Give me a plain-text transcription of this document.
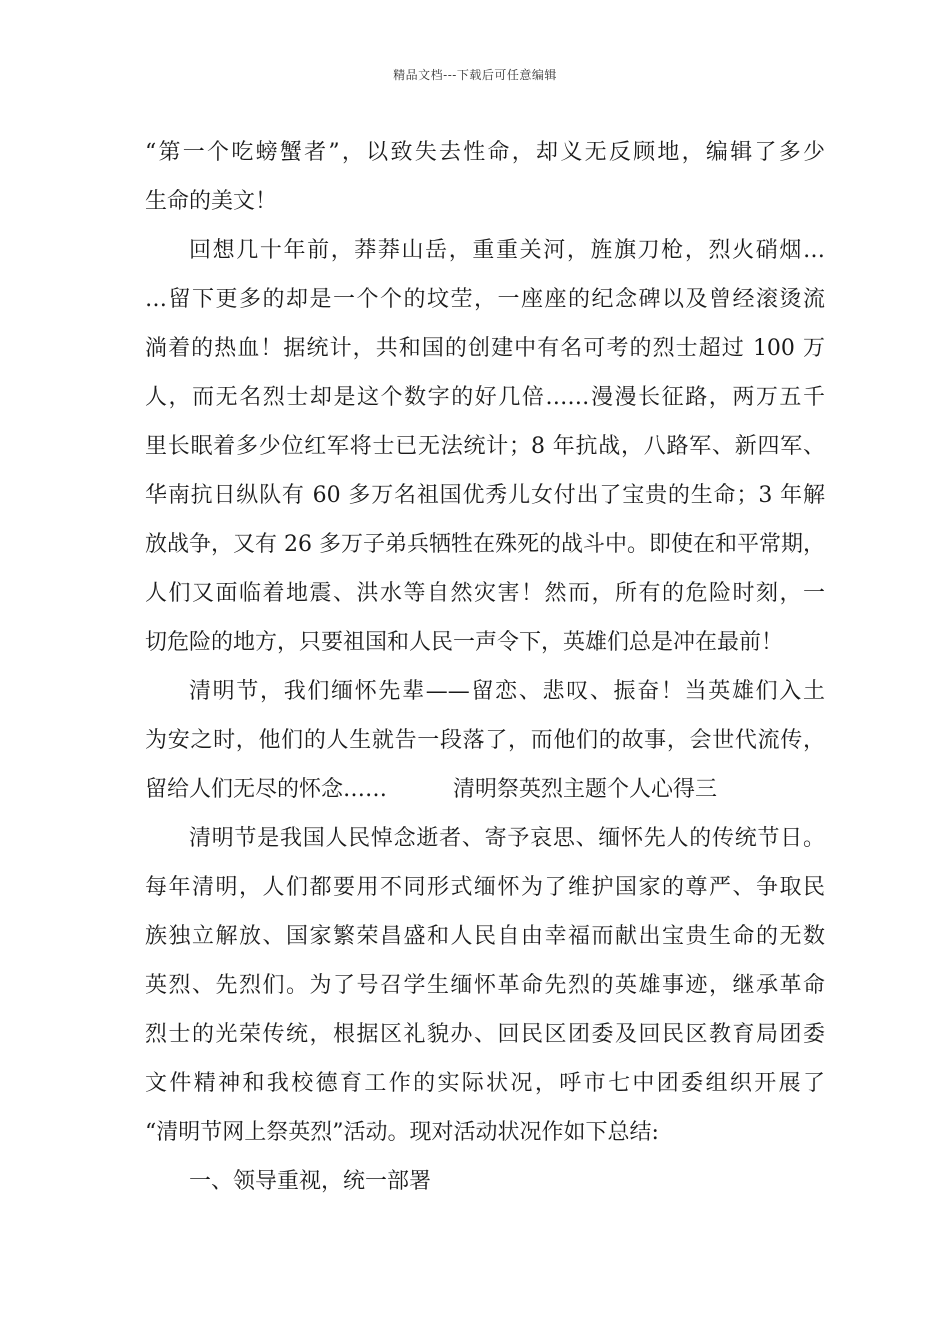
精品文档---下载后可任意编辑
“第一个吃螃蟹者”，以致失去性命，却义无反顾地，编辑了多少
生命的美文！
回想几十年前，莽莽山岳，重重关河，旌旗刀枪，烈火硝烟…
…留下更多的却是一个个的坟茔，一座座的纪念碑以及曾经滚烫流
淌着的热血！据统计，共和国的创建中有名可考的烈士超过 100 万
人，而无名烈士却是这个数字的好几倍……漫漫长征路，两万五千
里长眠着多少位红军将士已无法统计；8 年抗战，八路军、新四军、
华南抗日纵队有 60 多万名祖国优秀儿女付出了宝贵的生命；3 年解
放战争，又有 26 多万子弟兵牺牲在殊死的战斗中。即使在和平常期，
人们又面临着地震、洪水等自然灾害！然而，所有的危险时刻，一
切危险的地方，只要祖国和人民一声令下，英雄们总是冲在最前！
清明节，我们缅怀先辈——留恋、悲叹、振奋！当英雄们入土
为安之时，他们的人生就告一段落了，而他们的故事，会世代流传，
留给人们无尽的怀念……　　　清明祭英烈主题个人心得三
清明节是我国人民悼念逝者、寄予哀思、缅怀先人的传统节日。
每年清明，人们都要用不同形式缅怀为了维护国家的尊严、争取民
族独立解放、国家繁荣昌盛和人民自由幸福而献出宝贵生命的无数
英烈、先烈们。为了号召学生缅怀革命先烈的英雄事迹，继承革命
烈士的光荣传统，根据区礼貌办、回民区团委及回民区教育局团委
文件精神和我校德育工作的实际状况，呼市七中团委组织开展了
“清明节网上祭英烈”活动。现对活动状况作如下总结:
一、领导重视，统一部署
